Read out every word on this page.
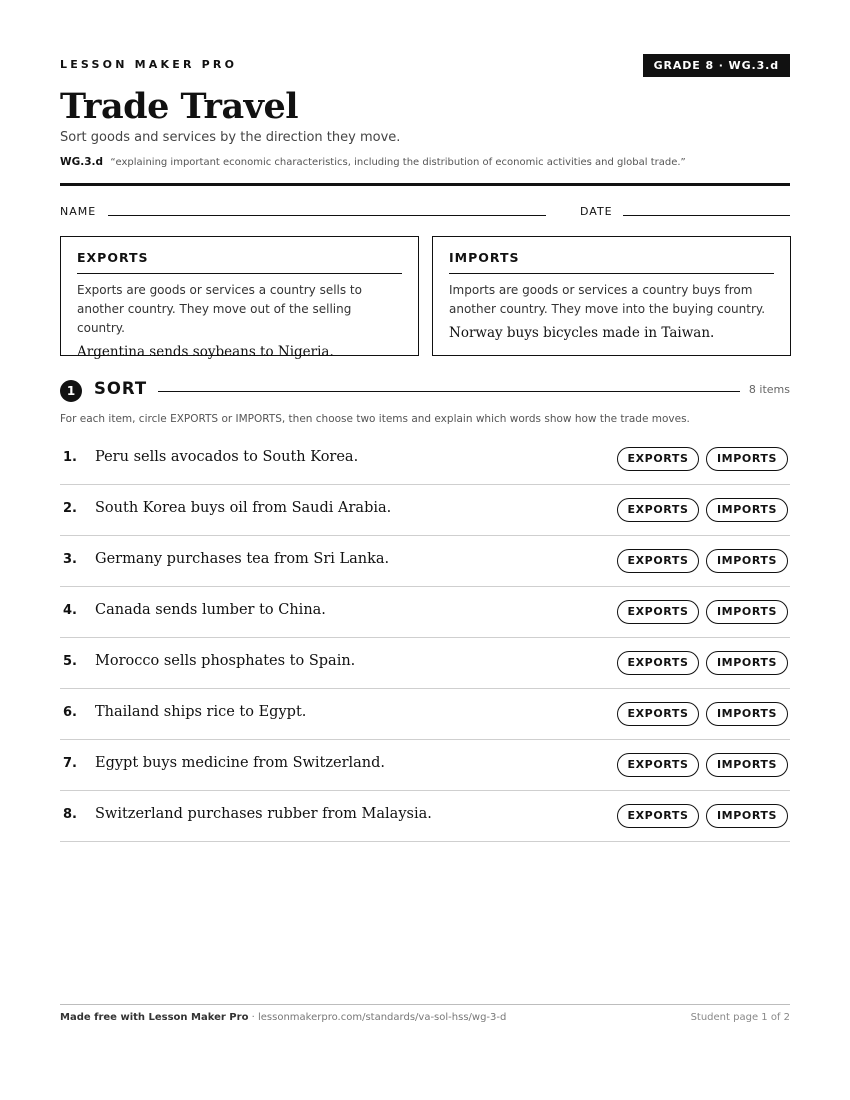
LESSON MAKER PRO	GRADE 8 · WG.3.d
Trade Travel
Sort goods and services by the direction they move.
WG.3.d “explaining important economic characteristics, including the distribution of economic activities and global trade.”
NAME	DATE
EXPORTS
Exports are goods or services a country sells to another country. They move out of the selling country.
Argentina sends soybeans to Nigeria.
IMPORTS
Imports are goods or services a country buys from another country. They move into the buying country.
Norway buys bicycles made in Taiwan.
1	SORT	8 items
For each item, circle EXPORTS or IMPORTS, then choose two items and explain which words show how the trade moves.
1. Peru sells avocados to South Korea.	EXPORTS	IMPORTS
2. South Korea buys oil from Saudi Arabia.	EXPORTS	IMPORTS
3. Germany purchases tea from Sri Lanka.	EXPORTS	IMPORTS
4. Canada sends lumber to China.	EXPORTS	IMPORTS
5. Morocco sells phosphates to Spain.	EXPORTS	IMPORTS
6. Thailand ships rice to Egypt.	EXPORTS	IMPORTS
7. Egypt buys medicine from Switzerland.	EXPORTS	IMPORTS
8. Switzerland purchases rubber from Malaysia.	EXPORTS	IMPORTS
Made free with Lesson Maker Pro · lessonmakerpro.com/standards/va-sol-hss/wg-3-d	Student page 1 of 2
